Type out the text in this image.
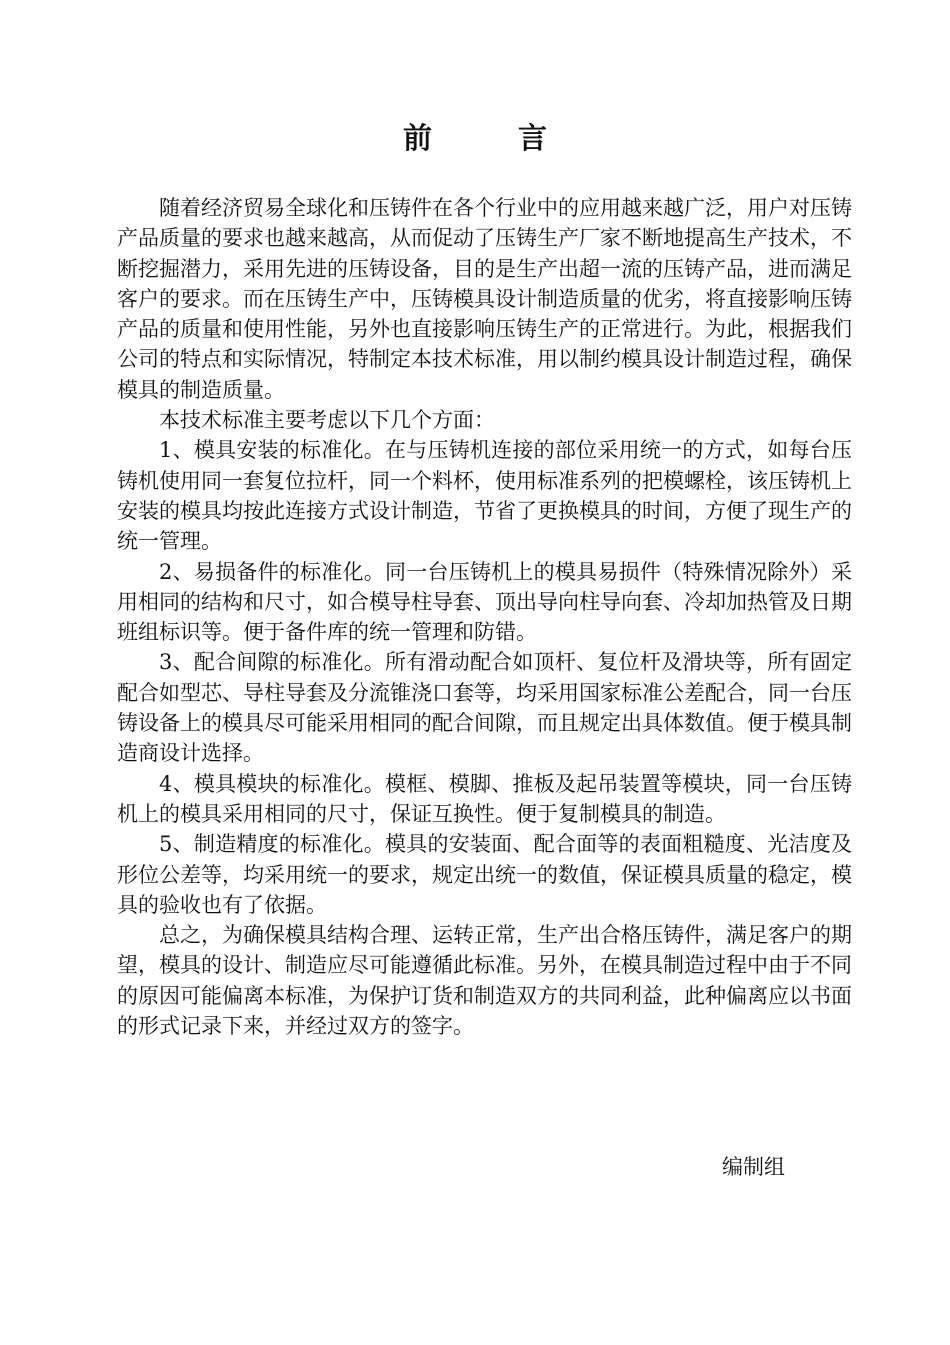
前	言

随着经济贸易全球化和压铸件在各个行业中的应用越来越广泛，用户对压铸产品质量的要求也越来越高，从而促动了压铸生产厂家不断地提高生产技术，不断挖掘潜力，采用先进的压铸设备，目的是生产出超一流的压铸产品，进而满足客户的要求。而在压铸生产中，压铸模具设计制造质量的优劣，将直接影响压铸产品的质量和使用性能，另外也直接影响压铸生产的正常进行。为此，根据我们公司的特点和实际情况，特制定本技术标准，用以制约模具设计制造过程，确保模具的制造质量。

本技术标准主要考虑以下几个方面：

1、模具安装的标准化。在与压铸机连接的部位采用统一的方式，如每台压铸机使用同一套复位拉杆，同一个料杯，使用标准系列的把模螺栓，该压铸机上安装的模具均按此连接方式设计制造，节省了更换模具的时间，方便了现生产的统一管理。

2、易损备件的标准化。同一台压铸机上的模具易损件（特殊情况除外）采用相同的结构和尺寸，如合模导柱导套、顶出导向柱导向套、冷却加热管及日期班组标识等。便于备件库的统一管理和防错。

3、配合间隙的标准化。所有滑动配合如顶杆、复位杆及滑块等，所有固定配合如型芯、导柱导套及分流锥浇口套等，均采用国家标准公差配合，同一台压铸设备上的模具尽可能采用相同的配合间隙，而且规定出具体数值。便于模具制造商设计选择。

4、模具模块的标准化。模框、模脚、推板及起吊装置等模块，同一台压铸机上的模具采用相同的尺寸，保证互换性。便于复制模具的制造。

5、制造精度的标准化。模具的安装面、配合面等的表面粗糙度、光洁度及形位公差等，均采用统一的要求，规定出统一的数值，保证模具质量的稳定，模具的验收也有了依据。

总之，为确保模具结构合理、运转正常，生产出合格压铸件，满足客户的期望，模具的设计、制造应尽可能遵循此标准。另外，在模具制造过程中由于不同的原因可能偏离本标准，为保护订货和制造双方的共同利益，此种偏离应以书面的形式记录下来，并经过双方的签字。

编制组
